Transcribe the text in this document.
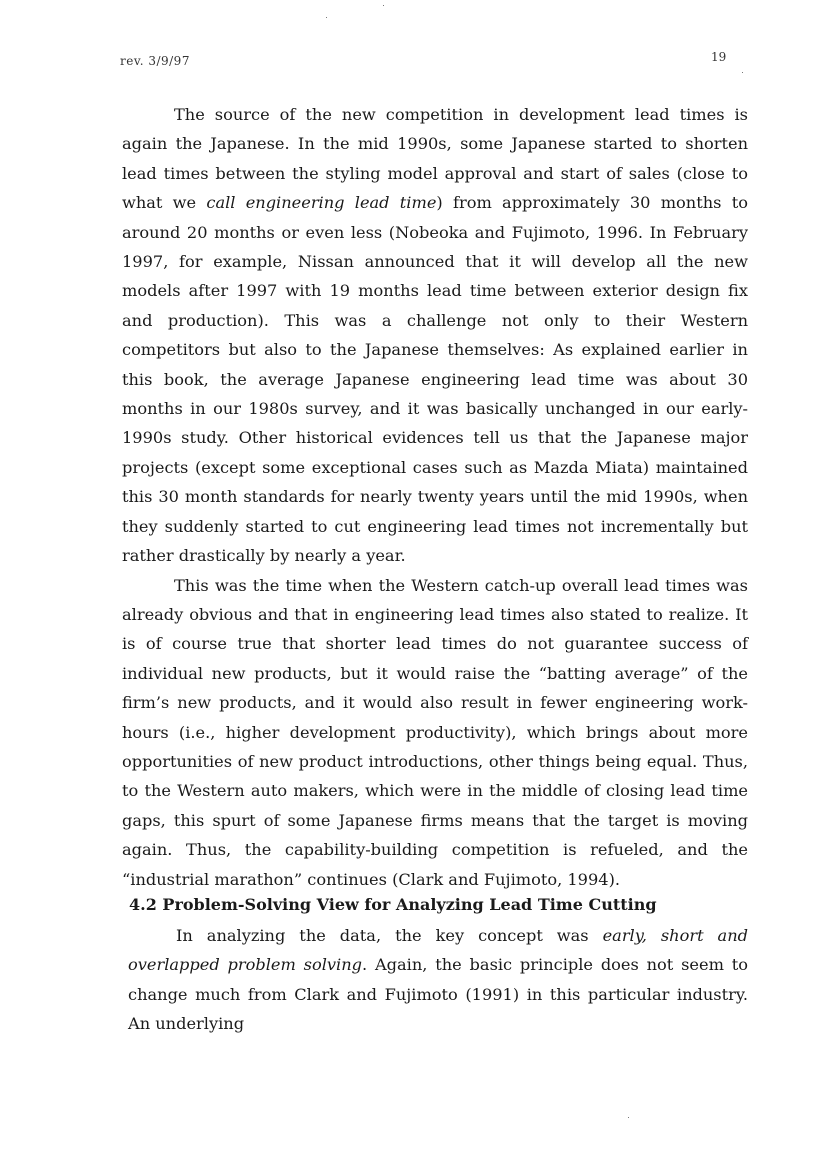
rev. 3/9/97	19

The source of the new competition in development lead times is again the Japanese. In the mid 1990s, some Japanese started to shorten lead times between the styling model approval and start of sales (close to what we call engineering lead time) from approximately 30 months to around 20 months or even less (Nobeoka and Fujimoto, 1996. In February 1997, for example, Nissan announced that it will develop all the new models after 1997 with 19 months lead time between exterior design fix and production). This was a challenge not only to their Western competitors but also to the Japanese themselves: As explained earlier in this book, the average Japanese engineering lead time was about 30 months in our 1980s survey, and it was basically unchanged in our early-1990s study. Other historical evidences tell us that the Japanese major projects (except some exceptional cases such as Mazda Miata) maintained this 30 month standards for nearly twenty years until the mid 1990s, when they suddenly started to cut engineering lead times not incrementally but rather drastically by nearly a year.

This was the time when the Western catch-up overall lead times was already obvious and that in engineering lead times also stated to realize. It is of course true that shorter lead times do not guarantee success of individual new products, but it would raise the “batting average” of the firm’s new products, and it would also result in fewer engineering work-hours (i.e., higher development productivity), which brings about more opportunities of new product introductions, other things being equal. Thus, to the Western auto makers, which were in the middle of closing lead time gaps, this spurt of some Japanese firms means that the target is moving again. Thus, the capability-building competition is refueled, and the “industrial marathon” continues (Clark and Fujimoto, 1994).

4.2 Problem-Solving View for Analyzing Lead Time Cutting

In analyzing the data, the key concept was early, short and overlapped problem solving. Again, the basic principle does not seem to change much from Clark and Fujimoto (1991) in this particular industry. An underlying
